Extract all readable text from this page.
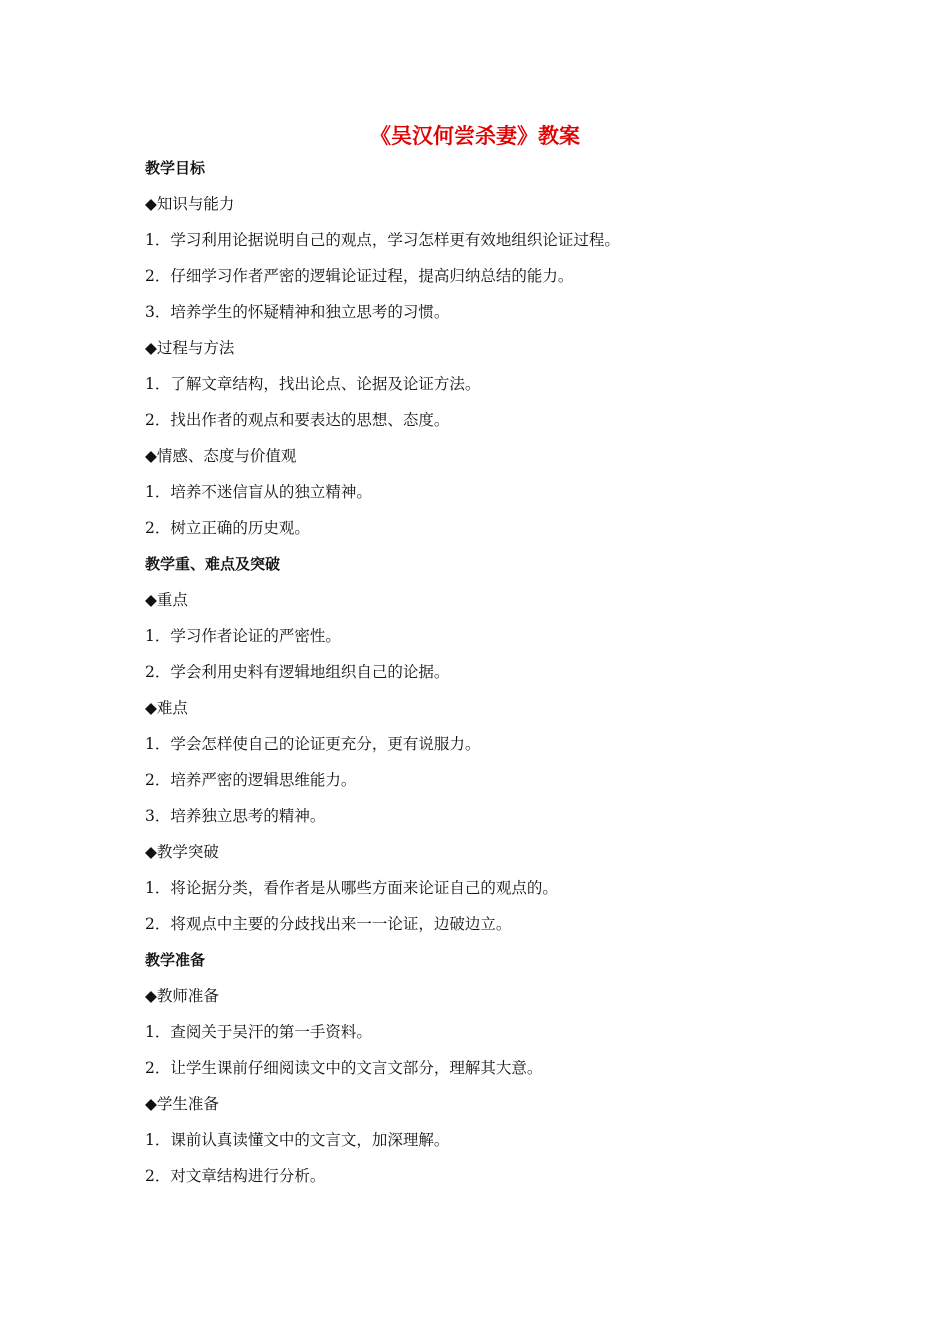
《吴汉何尝杀妻》教案
教学目标
◆知识与能力
1．学习利用论据说明自己的观点，学习怎样更有效地组织论证过程。
2．仔细学习作者严密的逻辑论证过程，提高归纳总结的能力。
3．培养学生的怀疑精神和独立思考的习惯。
◆过程与方法
1．了解文章结构，找出论点、论据及论证方法。
2．找出作者的观点和要表达的思想、态度。
◆情感、态度与价值观
1．培养不迷信盲从的独立精神。
2．树立正确的历史观。
教学重、难点及突破
◆重点
1．学习作者论证的严密性。
2．学会利用史料有逻辑地组织自己的论据。
◆难点
1．学会怎样使自己的论证更充分，更有说服力。
2．培养严密的逻辑思维能力。
3．培养独立思考的精神。
◆教学突破
1．将论据分类，看作者是从哪些方面来论证自己的观点的。
2．将观点中主要的分歧找出来一一论证，边破边立。
教学准备
◆教师准备
1．查阅关于吴汗的第一手资料。
2．让学生课前仔细阅读文中的文言文部分，理解其大意。
◆学生准备
1．课前认真读懂文中的文言文，加深理解。
2．对文章结构进行分析。
